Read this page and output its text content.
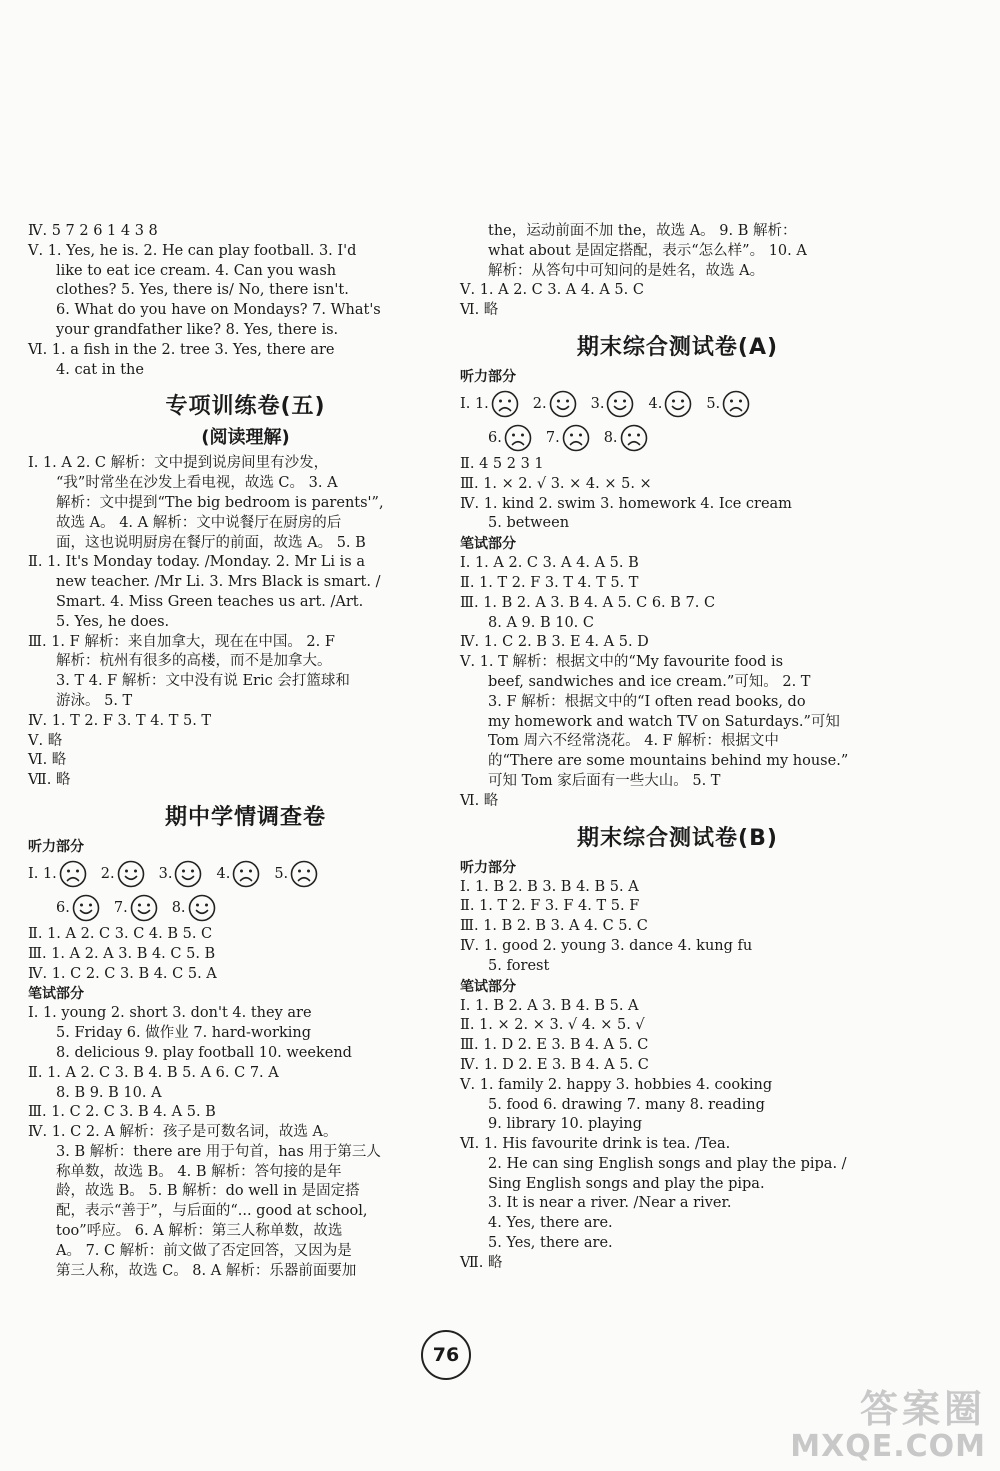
Ⅳ. 5 7 2 6 1 4 3 8
Ⅴ. 1. Yes, he is. 2. He can play football. 3. I'd
like to eat ice cream. 4. Can you wash
clothes? 5. Yes, there is/ No, there isn't.
6. What do you have on Mondays? 7. What's
your grandfather like? 8. Yes, there is.
Ⅵ. 1. a fish in the 2. tree 3. Yes, there are
4. cat in the
专项训练卷(五)
(阅读理解)
Ⅰ. 1. A 2. C 解析：文中提到说房间里有沙发，
“我”时常坐在沙发上看电视，故选 C。 3. A
解析：文中提到“The big bedroom is parents'”,
故选 A。 4. A 解析：文中说餐厅在厨房的后
面，这也说明厨房在餐厅的前面，故选 A。 5. B
Ⅱ. 1. It's Monday today. /Monday. 2. Mr Li is a
new teacher. /Mr Li. 3. Mrs Black is smart. /
Smart. 4. Miss Green teaches us art. /Art.
5. Yes, he does.
Ⅲ. 1. F 解析：来自加拿大，现在在中国。 2. F
解析：杭州有很多的高楼，而不是加拿大。
3. T 4. F 解析：文中没有说 Eric 会打篮球和
游泳。 5. T
Ⅳ. 1. T 2. F 3. T 4. T 5. T
Ⅴ. 略
Ⅵ. 略
Ⅶ. 略
期中学情调查卷
听力部分
Ⅰ. 1.	2.	3.	4.	5.
6.	7.	8.
Ⅱ. 1. A 2. C 3. C 4. B 5. C
Ⅲ. 1. A 2. A 3. B 4. C 5. B
Ⅳ. 1. C 2. C 3. B 4. C 5. A
笔试部分
Ⅰ. 1. young 2. short 3. don't 4. they are
5. Friday 6. 做作业 7. hard-working
8. delicious 9. play football 10. weekend
Ⅱ. 1. A 2. C 3. B 4. B 5. A 6. C 7. A
8. B 9. B 10. A
Ⅲ. 1. C 2. C 3. B 4. A 5. B
Ⅳ. 1. C 2. A 解析：孩子是可数名词，故选 A。
3. B 解析：there are 用于句首，has 用于第三人
称单数，故选 B。 4. B 解析：答句接的是年
龄，故选 B。 5. B 解析：do well in 是固定搭
配，表示“善于”，与后面的“... good at school,
too”呼应。 6. A 解析：第三人称单数，故选
A。 7. C 解析：前文做了否定回答，又因为是
第三人称，故选 C。 8. A 解析：乐器前面要加
the，运动前面不加 the，故选 A。 9. B 解析：
what about 是固定搭配，表示“怎么样”。 10. A
解析：从答句中可知问的是姓名，故选 A。
Ⅴ. 1. A 2. C 3. A 4. A 5. C
Ⅵ. 略
期末综合测试卷(A)
听力部分
Ⅰ. 1.	2.	3.	4.	5.
6.	7.	8.
Ⅱ. 4 5 2 3 1
Ⅲ. 1. × 2. √ 3. × 4. × 5. ×
Ⅳ. 1. kind 2. swim 3. homework 4. Ice cream
5. between
笔试部分
Ⅰ. 1. A 2. C 3. A 4. A 5. B
Ⅱ. 1. T 2. F 3. T 4. T 5. T
Ⅲ. 1. B 2. A 3. B 4. A 5. C 6. B 7. C
8. A 9. B 10. C
Ⅳ. 1. C 2. B 3. E 4. A 5. D
Ⅴ. 1. T 解析：根据文中的“My favourite food is
beef, sandwiches and ice cream.”可知。 2. T
3. F 解析：根据文中的“I often read books, do
my homework and watch TV on Saturdays.”可知
Tom 周六不经常浇花。 4. F 解析：根据文中
的“There are some mountains behind my house.”
可知 Tom 家后面有一些大山。 5. T
Ⅵ. 略
期末综合测试卷(B)
听力部分
Ⅰ. 1. B 2. B 3. B 4. B 5. A
Ⅱ. 1. T 2. F 3. F 4. T 5. F
Ⅲ. 1. B 2. B 3. A 4. C 5. C
Ⅳ. 1. good 2. young 3. dance 4. kung fu
5. forest
笔试部分
Ⅰ. 1. B 2. A 3. B 4. B 5. A
Ⅱ. 1. × 2. × 3. √ 4. × 5. √
Ⅲ. 1. D 2. E 3. B 4. A 5. C
Ⅳ. 1. D 2. E 3. B 4. A 5. C
Ⅴ. 1. family 2. happy 3. hobbies 4. cooking
5. food 6. drawing 7. many 8. reading
9. library 10. playing
Ⅵ. 1. His favourite drink is tea. /Tea.
2. He can sing English songs and play the pipa. /
Sing English songs and play the pipa.
3. It is near a river. /Near a river.
4. Yes, there are.
5. Yes, there are.
Ⅶ. 略
76
答案圈
MXQE.COM
